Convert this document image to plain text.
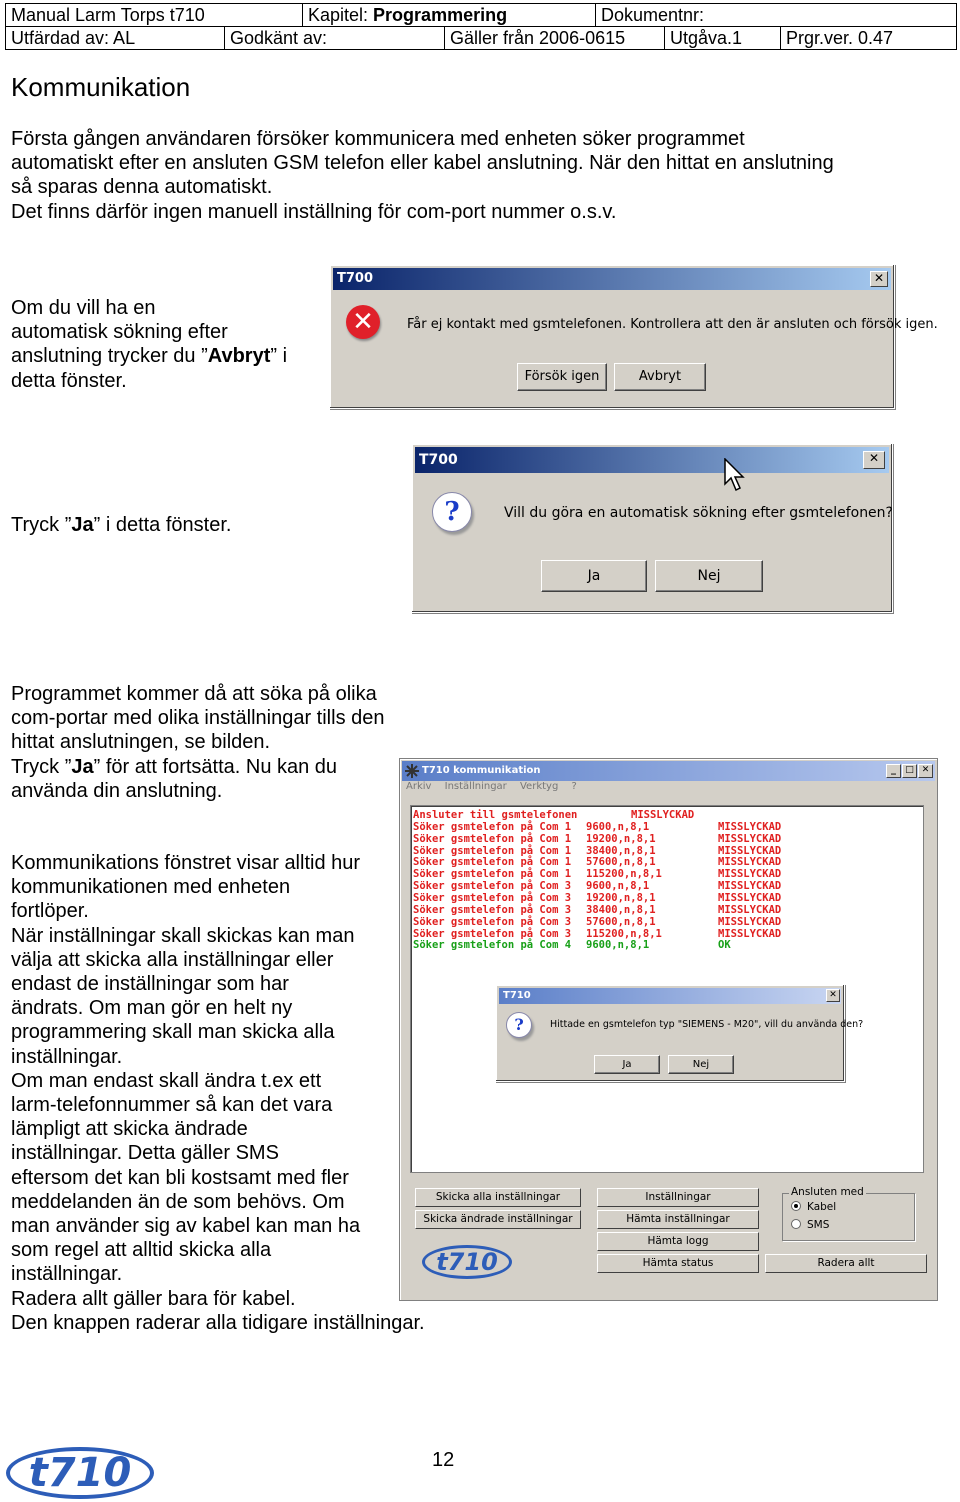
Manual Larm Torps t710	Kapitel: Programmering	Dokumentnr:
Utfärdad av: AL	Godkänt av:	Gäller från 2006-0615	Utgåva.1	Prgr.ver. 0.47
Kommunikation
Första gången användaren försöker kommunicera med enheten söker programmet
automatiskt efter en ansluten GSM telefon eller kabel anslutning. När den hittat en anslutning
så sparas denna automatiskt.
Det finns därför ingen manuell inställning för com-port nummer o.s.v.
Om du vill ha en
automatisk sökning efter
anslutning trycker du ”Avbryt” i
detta fönster.
T700	✕
✕	Får ej kontakt med gsmtelefonen. Kontrollera att den är ansluten och försök igen.
Försök igen	Avbryt
Tryck ”Ja” i detta fönster.
T700	✕
?	Vill du göra en automatisk sökning efter gsmtelefonen?
Ja	Nej
Programmet kommer då att söka på olika
com-portar med olika inställningar tills den
hittat anslutningen, se bilden.
Tryck ”Ja” för att fortsätta. Nu kan du
använda din anslutning.
Kommunikations fönstret visar alltid hur
kommunikationen med enheten
fortlöper.
När inställningar skall skickas kan man
välja att skicka alla inställningar eller
endast de inställningar som har
ändrats. Om man gör en helt ny
programmering skall man skicka alla
inställningar.
Om man endast skall ändra t.ex ett
larm-telefonnummer så kan det vara
lämpligt att skicka ändrade
inställningar. Detta gäller SMS
eftersom det kan bli kostsamt med fler
meddelanden än de som behövs. Om
man använder sig av kabel kan man ha
som regel att alltid skicka alla
inställningar.
Radera allt gäller bara för kabel.
Den knappen raderar alla tidigare inställningar.
T710 kommunikation	_	□ ✕
Arkiv Inställningar Verktyg ?
Söker gsmtelefon på Com 4 9600,n,8,1	OK
Söker gsmtelefon på Com 3 115200,n,8,1	MISSLYCKAD
Söker gsmtelefon på Com 3 57600,n,8,1	MISSLYCKAD
Söker gsmtelefon på Com 3 38400,n,8,1	MISSLYCKAD
Söker gsmtelefon på Com 3 19200,n,8,1	MISSLYCKAD
Söker gsmtelefon på Com 3 9600,n,8,1	MISSLYCKAD
Söker gsmtelefon på Com 1 115200,n,8,1	MISSLYCKAD
Söker gsmtelefon på Com 1 57600,n,8,1	MISSLYCKAD
Söker gsmtelefon på Com 1 38400,n,8,1	MISSLYCKAD
Söker gsmtelefon på Com 1 19200,n,8,1	MISSLYCKAD
Söker gsmtelefon på Com 1 9600,n,8,1	MISSLYCKAD
Ansluter till gsmtelefonen	MISSLYCKAD
T710	✕
?	Hittade en gsmtelefon typ "SIEMENS - M20", vill du använda den?
Ja	Nej
Skicka alla inställningar
Skicka ändrade inställningar
Inställningar
Hämta inställningar
Hämta logg
Hämta status	Radera allt
Ansluten med
Kabel
SMS
t710
t710	12
